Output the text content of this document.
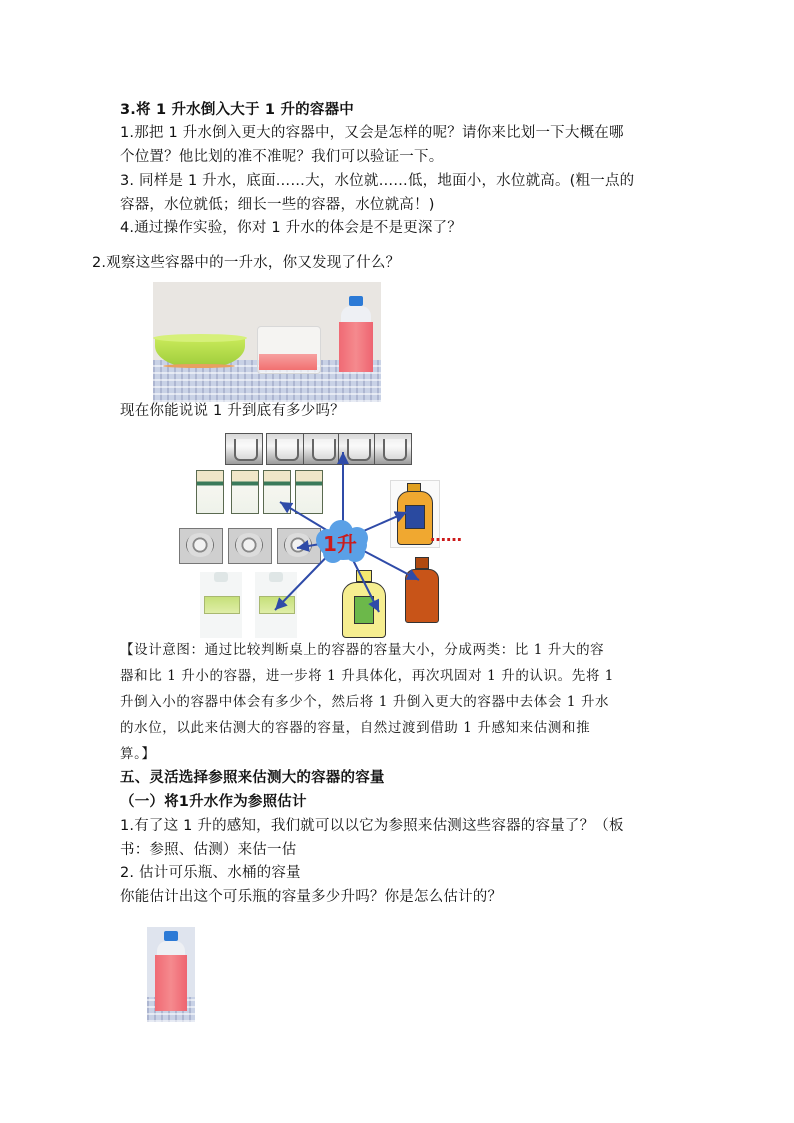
3.将 1 升水倒入大于 1 升的容器中
1.那把 1 升水倒入更大的容器中，又会是怎样的呢？请你来比划一下大概在哪
个位置？他比划的准不准呢？我们可以验证一下。
3. 同样是 1 升水，底面……大，水位就……低，地面小，水位就高。(粗一点的
容器，水位就低；细长一些的容器，水位就高！)
4.通过操作实验，你对 1 升水的体会是不是更深了？
2.观察这些容器中的一升水，你又发现了什么？
现在你能说说 1 升到底有多少吗？
1升	……
【设计意图：通过比较判断桌上的容器的容量大小，分成两类：比 1 升大的容
器和比 1 升小的容器，进一步将 1 升具体化，再次巩固对 1 升的认识。先将 1
升倒入小的容器中体会有多少个，然后将 1 升倒入更大的容器中去体会 1 升水
的水位，以此来估测大的容器的容量，自然过渡到借助 1 升感知来估测和推
算。】
五、灵活选择参照来估测大的容器的容量
（一）将1升水作为参照估计
1.有了这 1 升的感知，我们就可以以它为参照来估测这些容器的容量了？（板
书：参照、估测）来估一估
2. 估计可乐瓶、水桶的容量
你能估计出这个可乐瓶的容量多少升吗？你是怎么估计的？
